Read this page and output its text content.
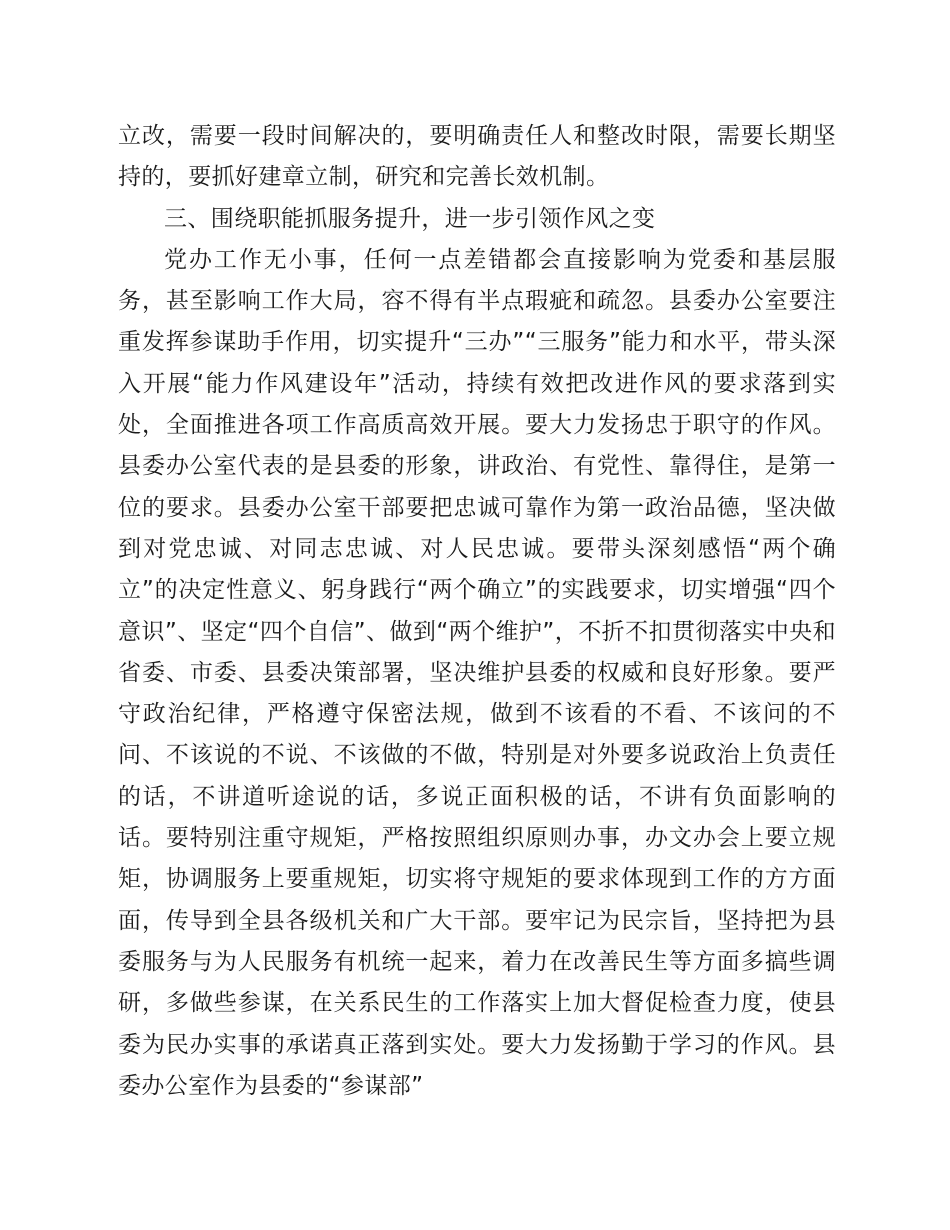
立改，需要一段时间解决的，要明确责任人和整改时限，需要长期坚持的，要抓好建章立制，研究和完善长效机制。

三、围绕职能抓服务提升，进一步引领作风之变

党办工作无小事，任何一点差错都会直接影响为党委和基层服务，甚至影响工作大局，容不得有半点瑕疵和疏忽。县委办公室要注重发挥参谋助手作用，切实提升“三办”“三服务”能力和水平，带头深入开展“能力作风建设年”活动，持续有效把改进作风的要求落到实处，全面推进各项工作高质高效开展。要大力发扬忠于职守的作风。县委办公室代表的是县委的形象，讲政治、有党性、靠得住，是第一位的要求。县委办公室干部要把忠诚可靠作为第一政治品德，坚决做到对党忠诚、对同志忠诚、对人民忠诚。要带头深刻感悟“两个确立”的决定性意义、躬身践行“两个确立”的实践要求，切实增强“四个意识”、坚定“四个自信”、做到“两个维护”，不折不扣贯彻落实中央和省委、市委、县委决策部署，坚决维护县委的权威和良好形象。要严守政治纪律，严格遵守保密法规，做到不该看的不看、不该问的不问、不该说的不说、不该做的不做，特别是对外要多说政治上负责任的话，不讲道听途说的话，多说正面积极的话，不讲有负面影响的话。要特别注重守规矩，严格按照组织原则办事，办文办会上要立规矩，协调服务上要重规矩，切实将守规矩的要求体现到工作的方方面面，传导到全县各级机关和广大干部。要牢记为民宗旨，坚持把为县委服务与为人民服务有机统一起来，着力在改善民生等方面多搞些调研，多做些参谋，在关系民生的工作落实上加大督促检查力度，使县委为民办实事的承诺真正落到实处。要大力发扬勤于学习的作风。县委办公室作为县委的“参谋部”
